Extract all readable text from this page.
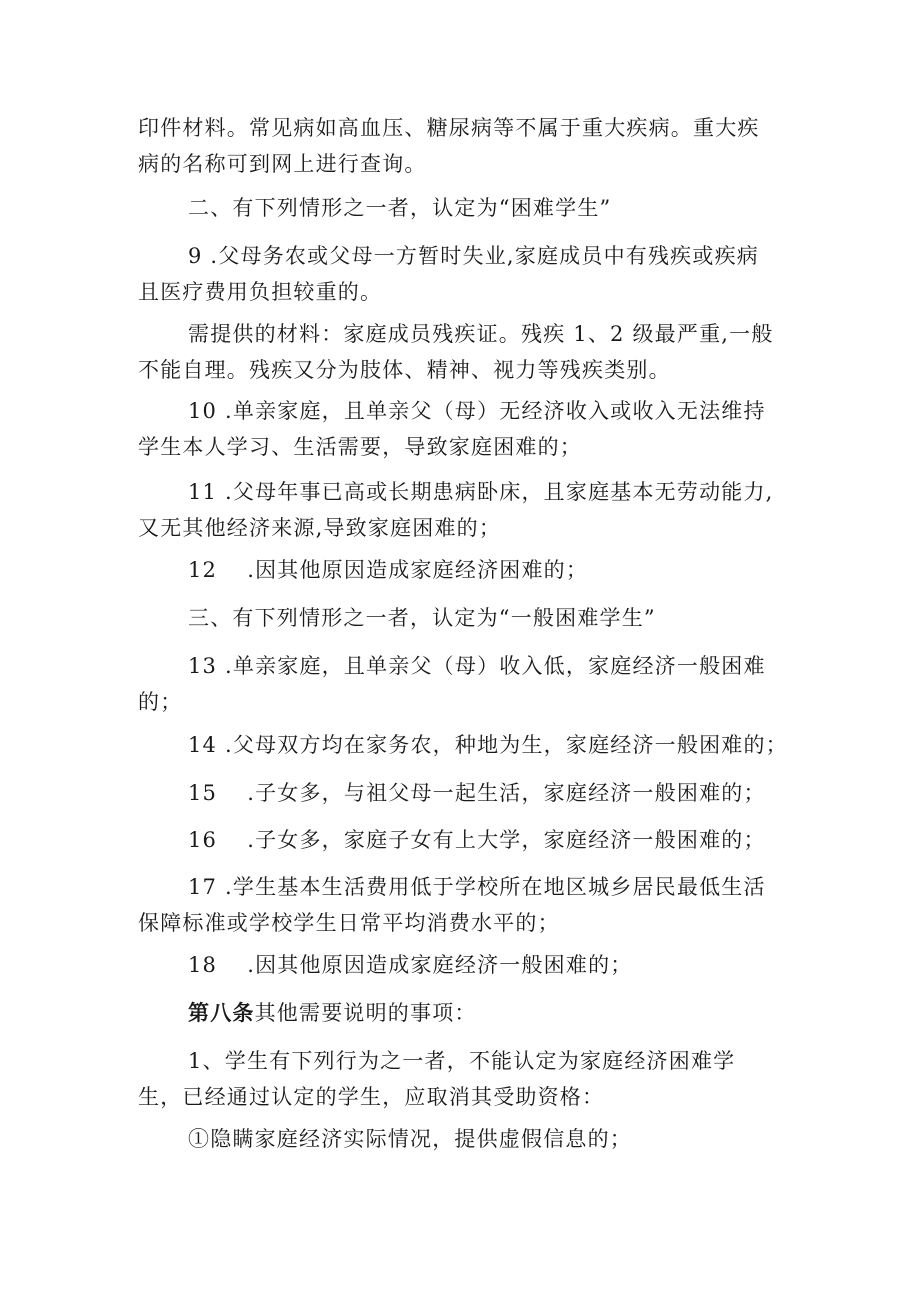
印件材料。常见病如高血压、糖尿病等不属于重大疾病。重大疾
病的名称可到网上进行查询。

二、有下列情形之一者，认定为“困难学生”

9 .父母务农或父母一方暂时失业,家庭成员中有残疾或疾病
且医疗费用负担较重的。

需提供的材料：家庭成员残疾证。残疾 1、2 级最严重,一般
不能自理。残疾又分为肢体、精神、视力等残疾类别。

10 .单亲家庭，且单亲父（母）无经济收入或收入无法维持
学生本人学习、生活需要，导致家庭困难的；

11 .父母年事已高或长期患病卧床，且家庭基本无劳动能力,
又无其他经济来源,导致家庭困难的；

12　 .因其他原因造成家庭经济困难的；

三、有下列情形之一者，认定为“一般困难学生”

13 .单亲家庭，且单亲父（母）收入低，家庭经济一般困难
的；

14 .父母双方均在家务农，种地为生，家庭经济一般困难的；

15　 .子女多，与祖父母一起生活，家庭经济一般困难的；

16　 .子女多，家庭子女有上大学，家庭经济一般困难的；

17 .学生基本生活费用低于学校所在地区城乡居民最低生活
保障标准或学校学生日常平均消费水平的；

18　 .因其他原因造成家庭经济一般困难的；

第八条其他需要说明的事项：

1、学生有下列行为之一者，不能认定为家庭经济困难学
生，已经通过认定的学生，应取消其受助资格：

①隐瞒家庭经济实际情况，提供虚假信息的；
